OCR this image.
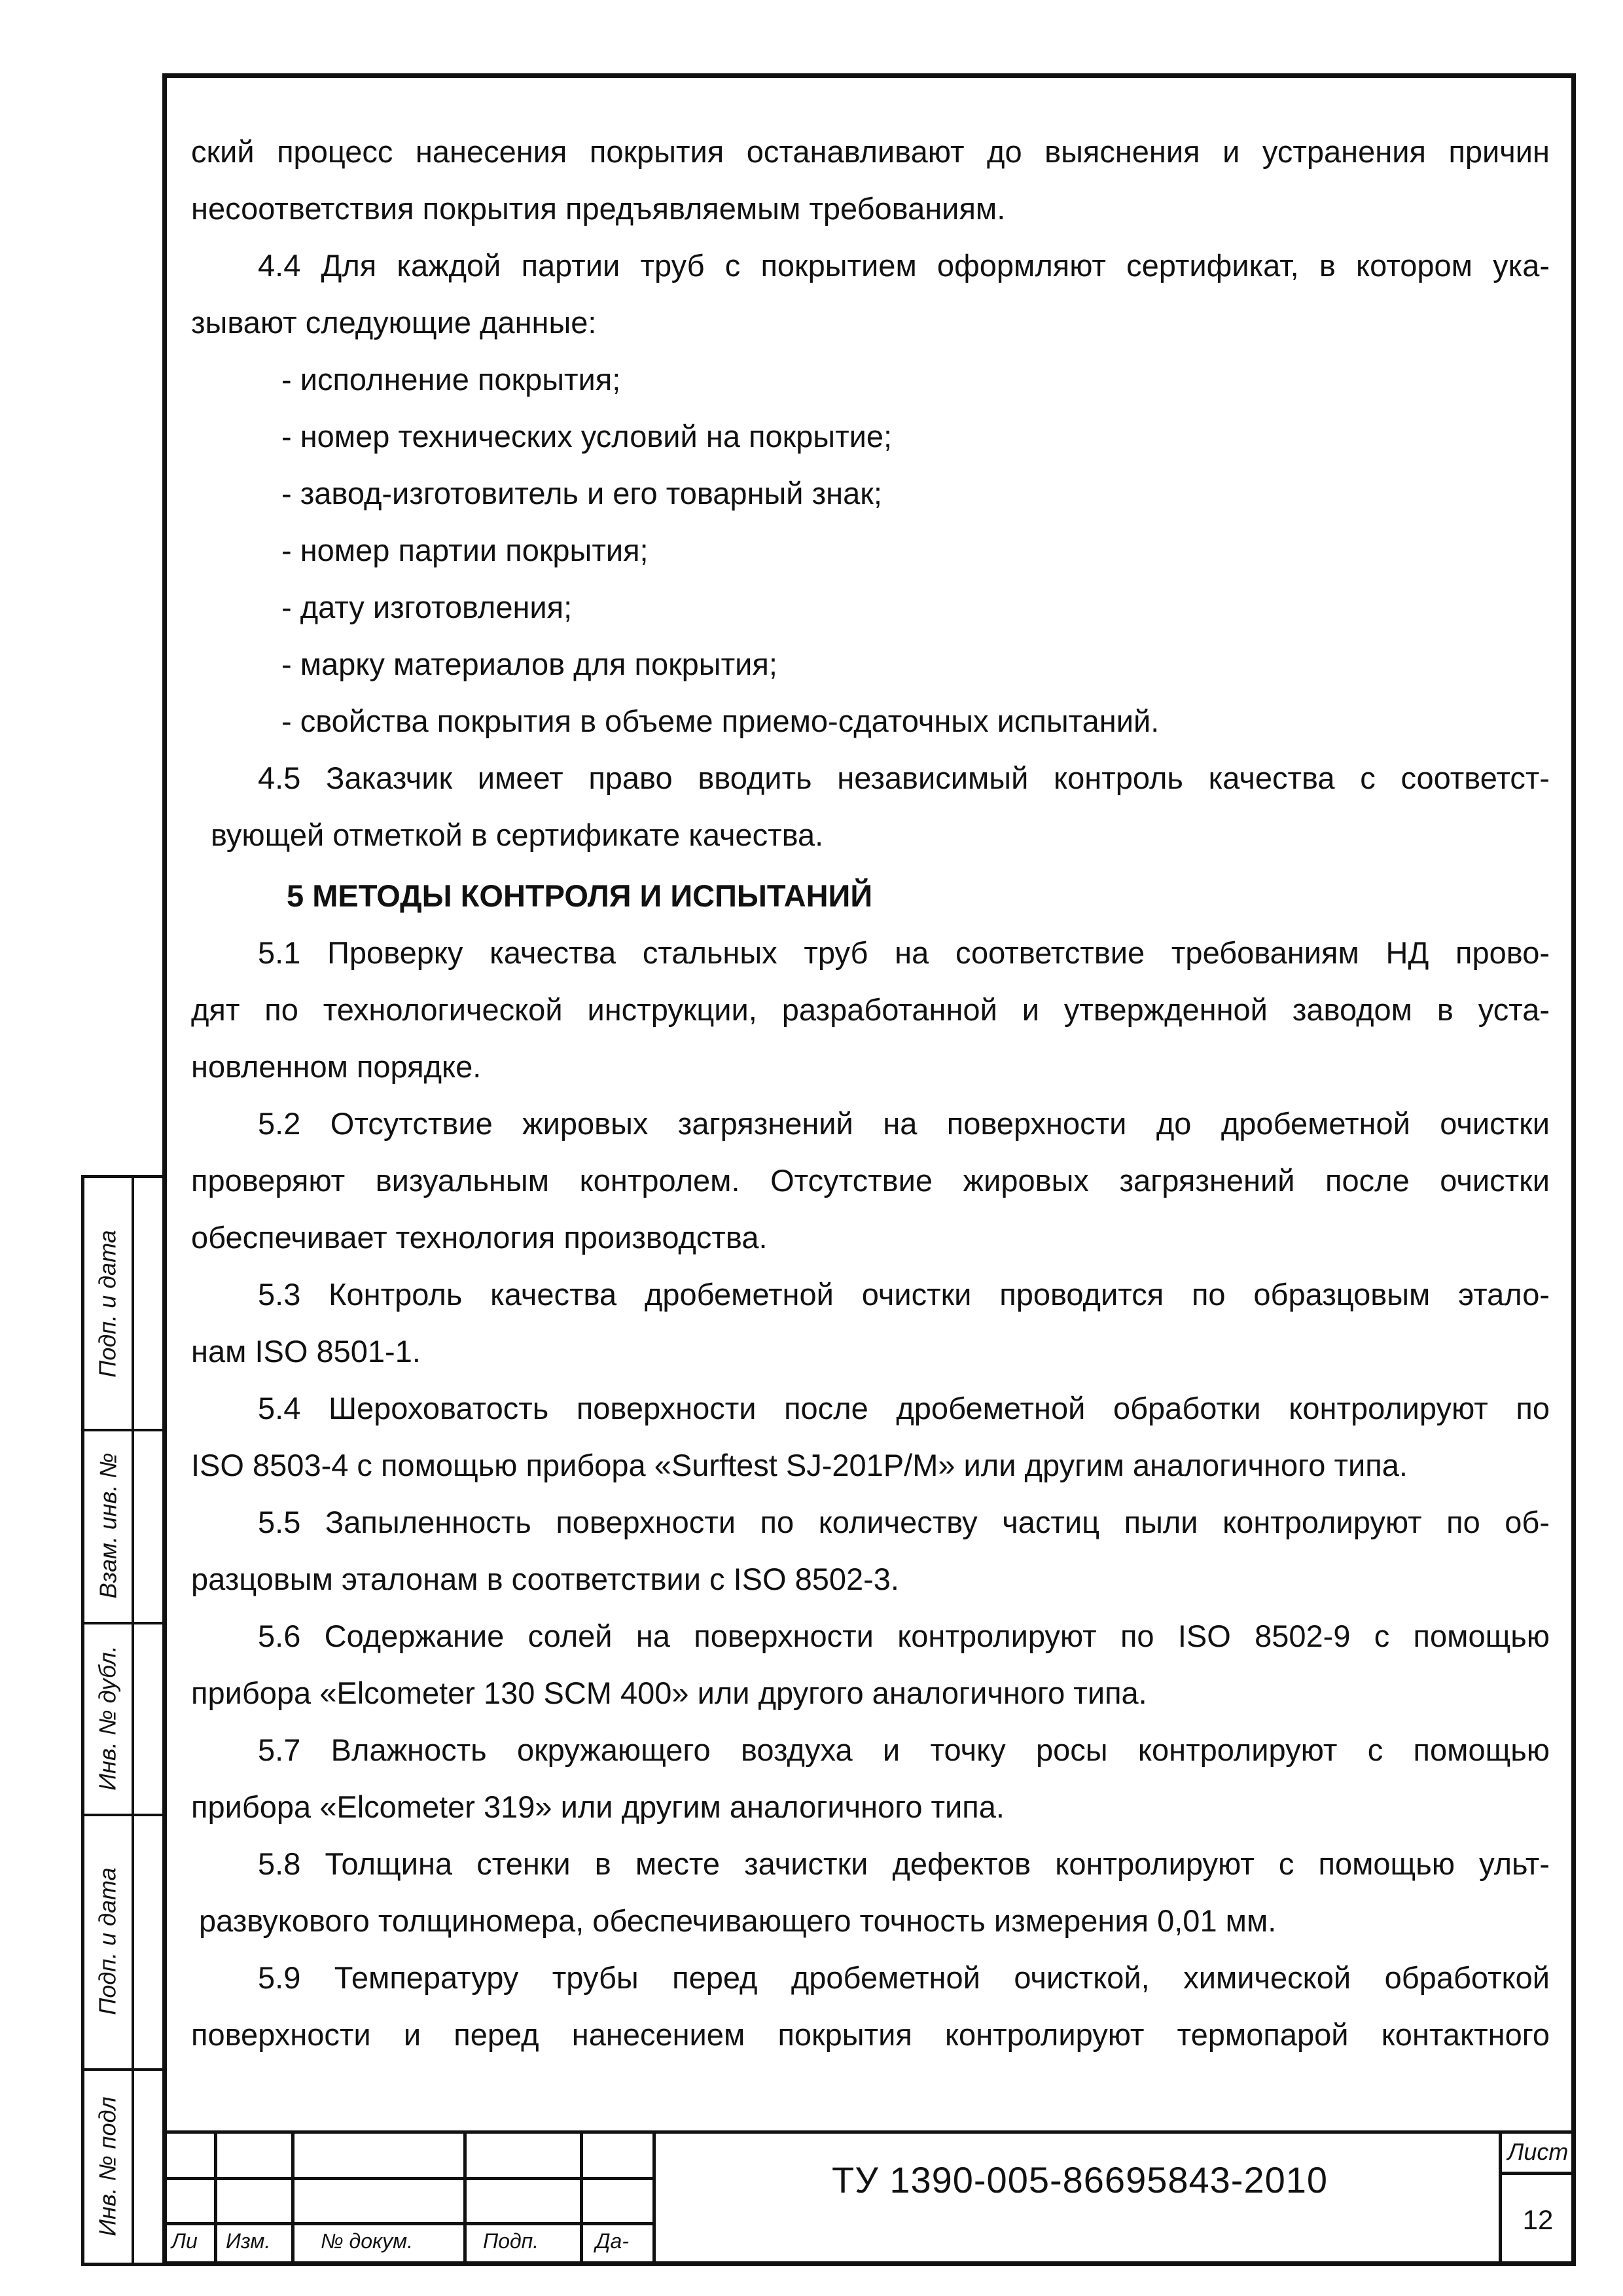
ский процесс нанесения покрытия останавливают до выяснения и устранения причин

несоответствия покрытия предъявляемым требованиям.

4.4 Для каждой партии труб с покрытием оформляют сертификат, в котором ука-

зывают следующие данные:

- исполнение покрытия;

- номер технических условий на покрытие;

- завод-изготовитель и его товарный знак;

- номер партии покрытия;

- дату изготовления;

- марку материалов для покрытия;

- свойства покрытия в объеме приемо-сдаточных испытаний.

4.5 Заказчик имеет право вводить независимый контроль качества с соответст-

вующей отметкой в сертификате качества.

5 МЕТОДЫ КОНТРОЛЯ И ИСПЫТАНИЙ

5.1 Проверку качества стальных труб на соответствие требованиям НД прово-

дят по технологической инструкции, разработанной и утвержденной заводом в уста-

новленном порядке.

5.2 Отсутствие жировых загрязнений на поверхности до дробеметной очистки

проверяют визуальным контролем. Отсутствие жировых загрязнений после очистки

обеспечивает технология производства.

5.3 Контроль качества дробеметной очистки проводится по образцовым этало-

нам ISO 8501-1.

5.4 Шероховатость поверхности после дробеметной обработки контролируют по

ISO 8503-4 с помощью прибора «Surftest SJ-201P/M» или другим аналогичного типа.

5.5 Запыленность поверхности по количеству частиц пыли контролируют по об-

разцовым эталонам в соответствии с ISO 8502-3.

5.6 Содержание солей на поверхности контролируют по ISO 8502-9 с помощью

прибора «Elcometer 130 SCM 400» или другого аналогичного типа.

5.7 Влажность окружающего воздуха и точку росы контролируют с помощью

прибора «Elcometer 319» или другим аналогичного типа.

5.8 Толщина стенки в месте зачистки дефектов контролируют с помощью ульт-

развукового толщиномера, обеспечивающего точность измерения 0,01 мм.

5.9 Температуру трубы перед дробеметной очисткой, химической обработкой

поверхности и перед нанесением покрытия контролируют термопарой контактного

Подп. и дата
Взам. инв. №
Инв. № дубл.
Подп. и дата
Инв. № подл
Ли Изм. № докум.	Подп.	Да-
ТУ 1390-005-86695843-2010
Лист
12
